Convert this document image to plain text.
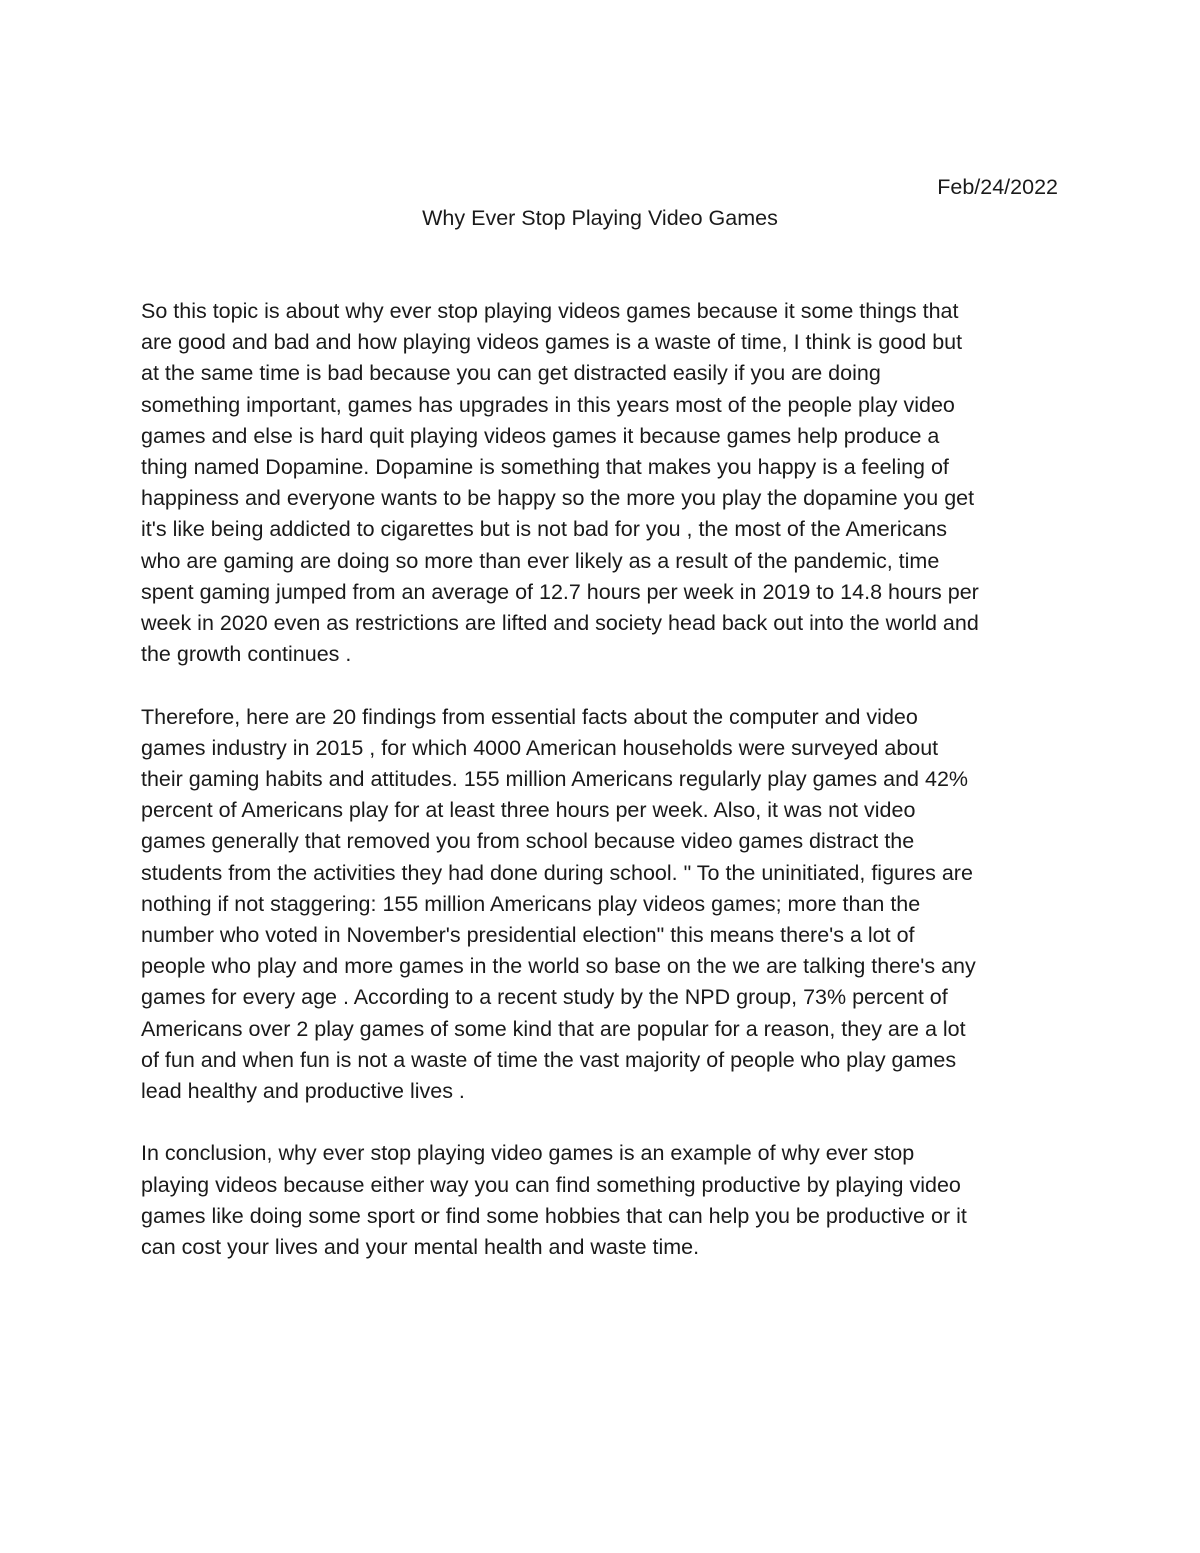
Feb/24/2022
Why Ever Stop Playing Video Games

So this topic is about why ever stop playing videos games because it some things that
are good and bad and how playing videos games is a waste of time, I think is good but
at the same time is bad because you can get distracted easily if you are doing
something important, games has upgrades in this years most of the people play video
games and else is hard quit playing videos games it because games help produce a
thing named Dopamine. Dopamine is something that makes you happy is a feeling of
happiness and everyone wants to be happy so the more you play the dopamine you get
it's like being addicted to cigarettes but is not bad for you , the most of the Americans
who are gaming are doing so more than ever likely as a result of the pandemic, time
spent gaming jumped from an average of 12.7 hours per week in 2019 to 14.8 hours per
week in 2020 even as restrictions are lifted and society head back out into the world and
the growth continues .

Therefore, here are 20 findings from essential facts about the computer and video
games industry in 2015 , for which 4000 American households were surveyed about
their gaming habits and attitudes. 155 million Americans regularly play games and 42%
percent of Americans play for at least three hours per week. Also, it was not video
games generally that removed you from school because video games distract the
students from the activities they had done during school. " To the uninitiated, figures are
nothing if not staggering: 155 million Americans play videos games; more than the
number who voted in November's presidential election" this means there's a lot of
people who play and more games in the world so base on the we are talking there's any
games for every age . According to a recent study by the NPD group, 73% percent of
Americans over 2 play games of some kind that are popular for a reason, they are a lot
of fun and when fun is not a waste of time the vast majority of people who play games
lead healthy and productive lives .

In conclusion, why ever stop playing video games is an example of why ever stop
playing videos because either way you can find something productive by playing video
games like doing some sport or find some hobbies that can help you be productive or it
can cost your lives and your mental health and waste time.
